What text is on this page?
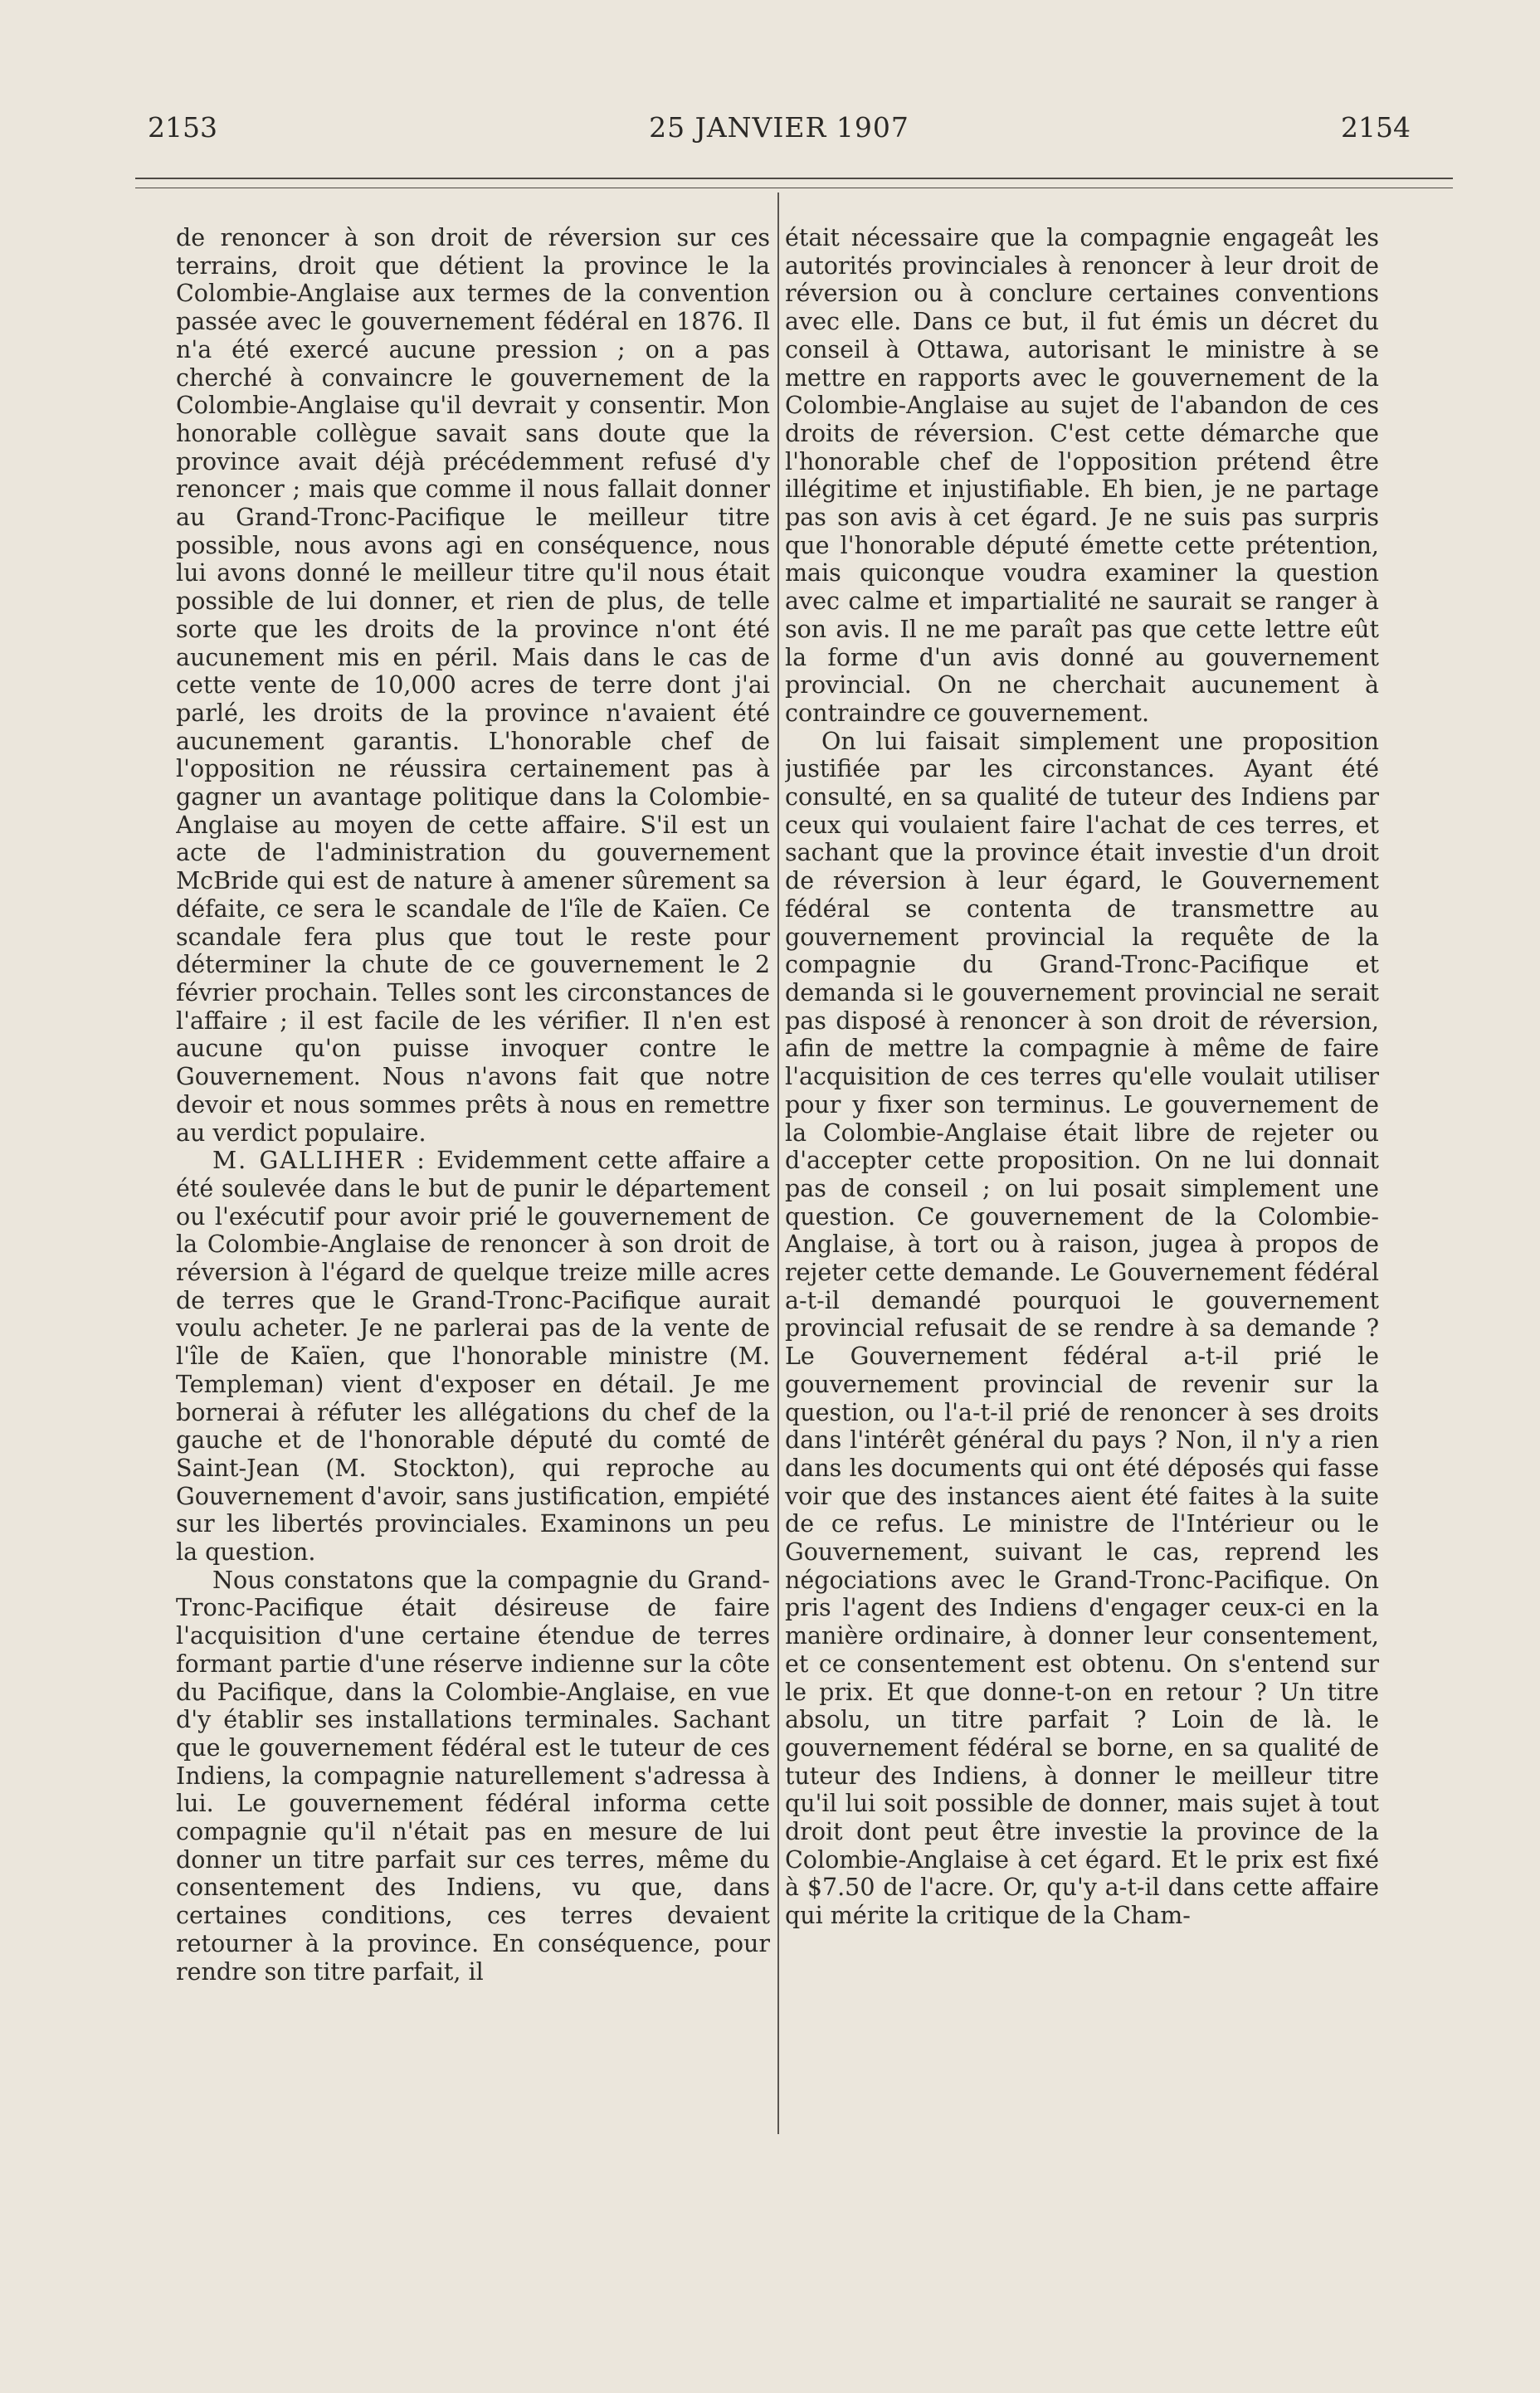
2153	25 JANVIER 1907	2154

de renoncer à son droit de réversion sur ces terrains, droit que détient la province le la Colombie-Anglaise aux termes de la convention passée avec le gouvernement fédéral en 1876. Il n'a été exercé aucune pression ; on a pas cherché à convaincre le gouvernement de la Colombie-Anglaise qu'il devrait y consentir. Mon honorable collègue savait sans doute que la province avait déjà précédemment refusé d'y renoncer ; mais que comme il nous fallait donner au Grand-Tronc-Pacifique le meilleur titre possible, nous avons agi en conséquence, nous lui avons donné le meilleur titre qu'il nous était possible de lui donner, et rien de plus, de telle sorte que les droits de la province n'ont été aucunement mis en péril. Mais dans le cas de cette vente de 10,000 acres de terre dont j'ai parlé, les droits de la province n'avaient été aucunement garantis. L'honorable chef de l'opposition ne réussira certainement pas à gagner un avantage politique dans la Colombie-Anglaise au moyen de cette affaire. S'il est un acte de l'administration du gouvernement McBride qui est de nature à amener sûrement sa défaite, ce sera le scandale de l'île de Kaïen. Ce scandale fera plus que tout le reste pour déterminer la chute de ce gouvernement le 2 février prochain. Telles sont les circonstances de l'affaire ; il est facile de les vérifier. Il n'en est aucune qu'on puisse invoquer contre le Gouvernement. Nous n'avons fait que notre devoir et nous sommes prêts à nous en remettre au verdict populaire.

M. GALLIHER : Evidemment cette affaire a été soulevée dans le but de punir le département ou l'exécutif pour avoir prié le gouvernement de la Colombie-Anglaise de renoncer à son droit de réversion à l'égard de quelque treize mille acres de terres que le Grand-Tronc-Pacifique aurait voulu acheter. Je ne parlerai pas de la vente de l'île de Kaïen, que l'honorable ministre (M. Templeman) vient d'exposer en détail. Je me bornerai à réfuter les allégations du chef de la gauche et de l'honorable député du comté de Saint-Jean (M. Stockton), qui reproche au Gouvernement d'avoir, sans justification, empiété sur les libertés provinciales. Examinons un peu la question.

Nous constatons que la compagnie du Grand-Tronc-Pacifique était désireuse de faire l'acquisition d'une certaine étendue de terres formant partie d'une réserve indienne sur la côte du Pacifique, dans la Colombie-Anglaise, en vue d'y établir ses installations terminales. Sachant que le gouvernement fédéral est le tuteur de ces Indiens, la compagnie naturellement s'adressa à lui. Le gouvernement fédéral informa cette compagnie qu'il n'était pas en mesure de lui donner un titre parfait sur ces terres, même du consentement des Indiens, vu que, dans certaines conditions, ces terres devaient retourner à la province. En conséquence, pour rendre son titre parfait, il

était nécessaire que la compagnie engageât les autorités provinciales à renoncer à leur droit de réversion ou à conclure certaines conventions avec elle. Dans ce but, il fut émis un décret du conseil à Ottawa, autorisant le ministre à se mettre en rapports avec le gouvernement de la Colombie-Anglaise au sujet de l'abandon de ces droits de réversion. C'est cette démarche que l'honorable chef de l'opposition prétend être illégitime et injustifiable. Eh bien, je ne partage pas son avis à cet égard. Je ne suis pas surpris que l'honorable député émette cette prétention, mais quiconque voudra examiner la question avec calme et impartialité ne saurait se ranger à son avis. Il ne me paraît pas que cette lettre eût la forme d'un avis donné au gouvernement provincial. On ne cherchait aucunement à contraindre ce gouvernement.

On lui faisait simplement une proposition justifiée par les circonstances. Ayant été consulté, en sa qualité de tuteur des Indiens par ceux qui voulaient faire l'achat de ces terres, et sachant que la province était investie d'un droit de réversion à leur égard, le Gouvernement fédéral se contenta de transmettre au gouvernement provincial la requête de la compagnie du Grand-Tronc-Pacifique et demanda si le gouvernement provincial ne serait pas disposé à renoncer à son droit de réversion, afin de mettre la compagnie à même de faire l'acquisition de ces terres qu'elle voulait utiliser pour y fixer son terminus. Le gouvernement de la Colombie-Anglaise était libre de rejeter ou d'accepter cette proposition. On ne lui donnait pas de conseil ; on lui posait simplement une question. Ce gouvernement de la Colombie-Anglaise, à tort ou à raison, jugea à propos de rejeter cette demande. Le Gouvernement fédéral a-t-il demandé pourquoi le gouvernement provincial refusait de se rendre à sa demande ? Le Gouvernement fédéral a-t-il prié le gouvernement provincial de revenir sur la question, ou l'a-t-il prié de renoncer à ses droits dans l'intérêt général du pays ? Non, il n'y a rien dans les documents qui ont été déposés qui fasse voir que des instances aient été faites à la suite de ce refus. Le ministre de l'Intérieur ou le Gouvernement, suivant le cas, reprend les négociations avec le Grand-Tronc-Pacifique. On pris l'agent des Indiens d'engager ceux-ci en la manière ordinaire, à donner leur consentement, et ce consentement est obtenu. On s'entend sur le prix. Et que donne-t-on en retour ? Un titre absolu, un titre parfait ? Loin de là. le gouvernement fédéral se borne, en sa qualité de tuteur des Indiens, à donner le meilleur titre qu'il lui soit possible de donner, mais sujet à tout droit dont peut être investie la province de la Colombie-Anglaise à cet égard. Et le prix est fixé à $7.50 de l'acre. Or, qu'y a-t-il dans cette affaire qui mérite la critique de la Cham-
